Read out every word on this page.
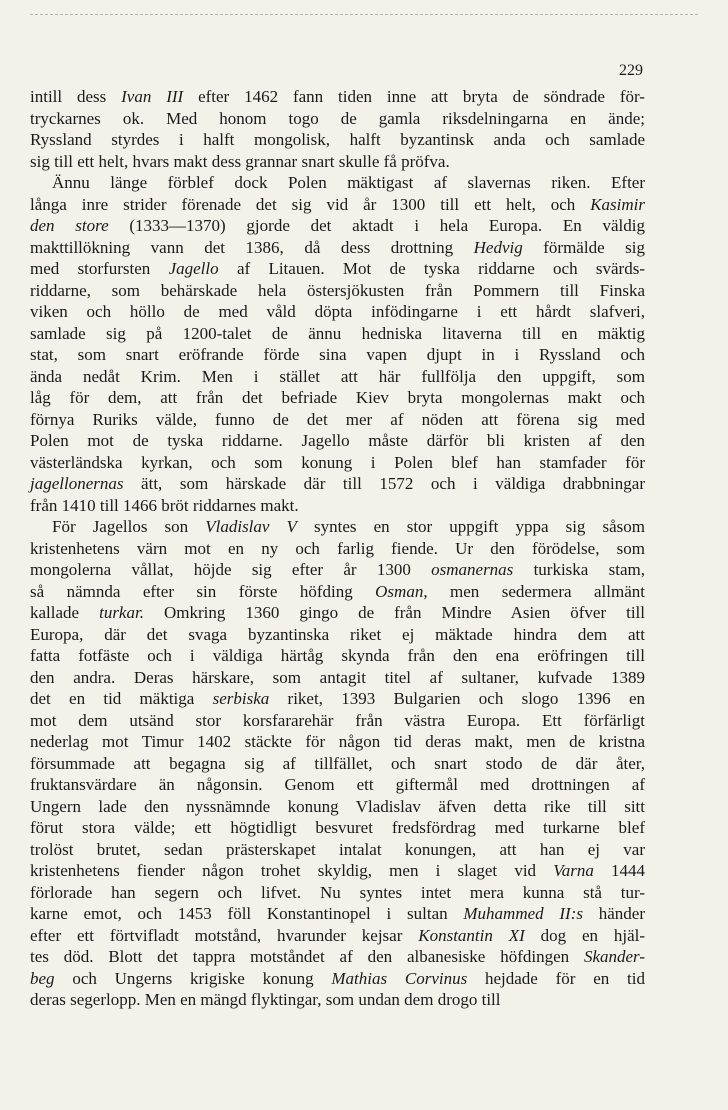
229

intill dess Ivan III efter 1462 fann tiden inne att bryta de söndrade för-
tryckarnes ok. Med honom togo de gamla riksdelningarna en ände;
Ryssland styrdes i halft mongolisk, halft byzantinsk anda och samlade
sig till ett helt, hvars makt dess grannar snart skulle få pröfva.

Ännu länge förblef dock Polen mäktigast af slavernas riken. Efter
långa inre strider förenade det sig vid år 1300 till ett helt, och Kasimir
den store (1333—1370) gjorde det aktadt i hela Europa. En väldig
makttillökning vann det 1386, då dess drottning Hedvig förmälde sig
med storfursten Jagello af Litauen. Mot de tyska riddarne och svärds-
riddarne, som behärskade hela östersjökusten från Pommern till Finska
viken och höllo de med våld döpta infödingarne i ett hårdt slafveri,
samlade sig på 1200-talet de ännu hedniska litaverna till en mäktig
stat, som snart eröfrande förde sina vapen djupt in i Ryssland och
ända nedåt Krim. Men i stället att här fullfölja den uppgift, som
låg för dem, att från det befriade Kiev bryta mongolernas makt och
förnya Ruriks välde, funno de det mer af nöden att förena sig med
Polen mot de tyska riddarne. Jagello måste därför bli kristen af den
västerländska kyrkan, och som konung i Polen blef han stamfader för
jagellonernas ätt, som härskade där till 1572 och i väldiga drabbningar
från 1410 till 1466 bröt riddarnes makt.

För Jagellos son Vladislav V syntes en stor uppgift yppa sig såsom
kristenhetens värn mot en ny och farlig fiende. Ur den förödelse, som
mongolerna vållat, höjde sig efter år 1300 osmanernas turkiska stam,
så nämnda efter sin förste höfding Osman, men sedermera allmänt
kallade turkar. Omkring 1360 gingo de från Mindre Asien öfver till
Europa, där det svaga byzantinska riket ej mäktade hindra dem att
fatta fotfäste och i väldiga härtåg skynda från den ena eröfringen till
den andra. Deras härskare, som antagit titel af sultaner, kufvade 1389
det en tid mäktiga serbiska riket, 1393 Bulgarien och slogo 1396 en
mot dem utsänd stor korsfararehär från västra Europa. Ett förfärligt
nederlag mot Timur 1402 stäckte för någon tid deras makt, men de kristna
försummade att begagna sig af tillfället, och snart stodo de där åter,
fruktansvärdare än någonsin. Genom ett giftermål med drottningen af
Ungern lade den nyssnämnde konung Vladislav äfven detta rike till sitt
förut stora välde; ett högtidligt besvuret fredsfördrag med turkarne blef
trolöst brutet, sedan prästerskapet intalat konungen, att han ej var
kristenhetens fiender någon trohet skyldig, men i slaget vid Varna 1444
förlorade han segern och lifvet. Nu syntes intet mera kunna stå tur-
karne emot, och 1453 föll Konstantinopel i sultan Muhammed II:s händer
efter ett förtvifladt motstånd, hvarunder kejsar Konstantin XI dog en hjäl-
tes död. Blott det tappra motståndet af den albanesiske höfdingen Skander-
beg och Ungerns krigiske konung Mathias Corvinus hejdade för en tid
deras segerlopp. Men en mängd flyktingar, som undan dem drogo till
